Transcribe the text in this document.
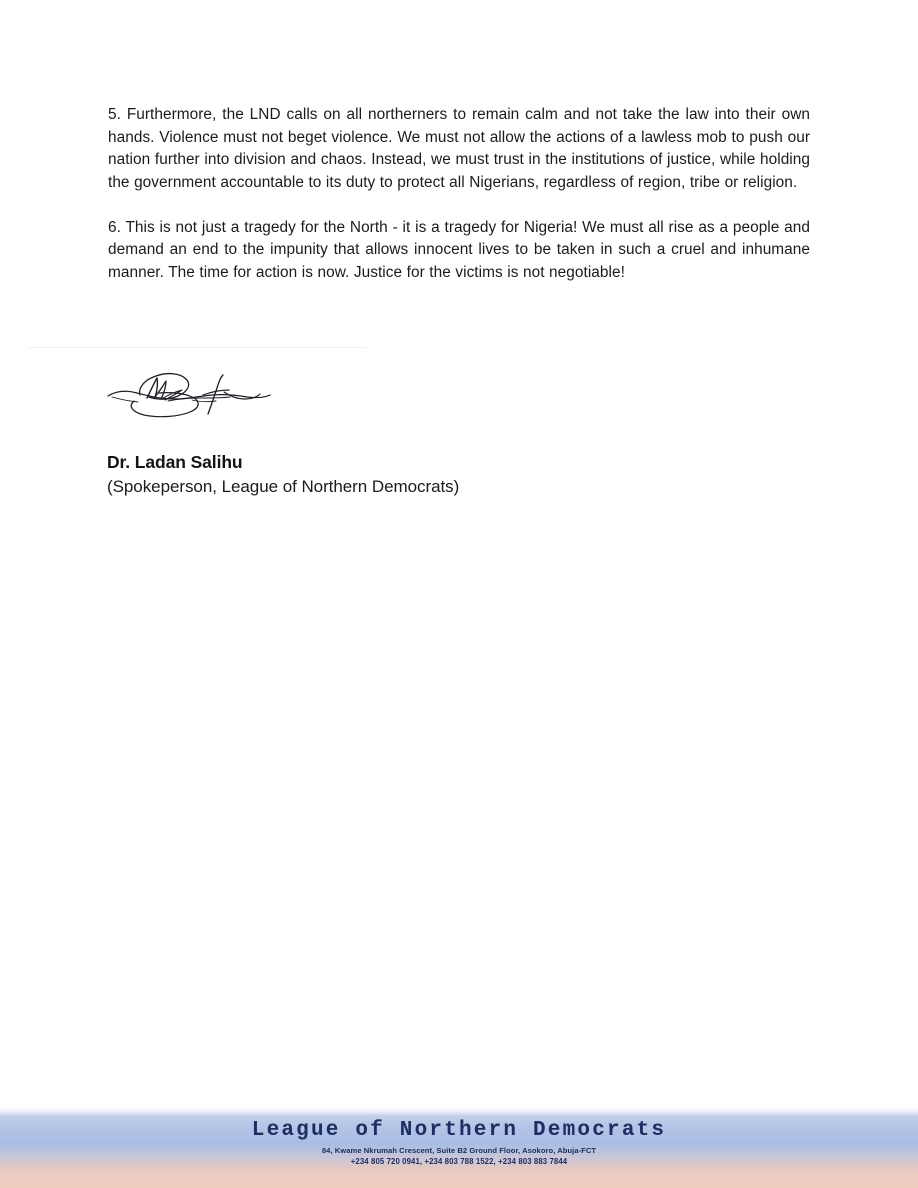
5. Furthermore, the LND calls on all northerners to remain calm and not take the law into their own hands. Violence must not beget violence. We must not allow the actions of a lawless mob to push our nation further into division and chaos. Instead, we must trust in the institutions of justice, while holding the government accountable to its duty to protect all Nigerians, regardless of region, tribe or religion.

6. This is not just a tragedy for the North - it is a tragedy for Nigeria! We must all rise as a people and demand an end to the impunity that allows innocent lives to be taken in such a cruel and inhumane manner. The time for action is now. Justice for the victims is not negotiable!

Dr. Ladan Salihu
(Spokeperson, League of Northern Democrats)
League of Northern Democrats
84, Kwame Nkrumah Crescent, Suite B2 Ground Floor, Asokoro, Abuja-FCT
+234 805 720 0941, +234 803 788 1522, +234 803 883 7844
